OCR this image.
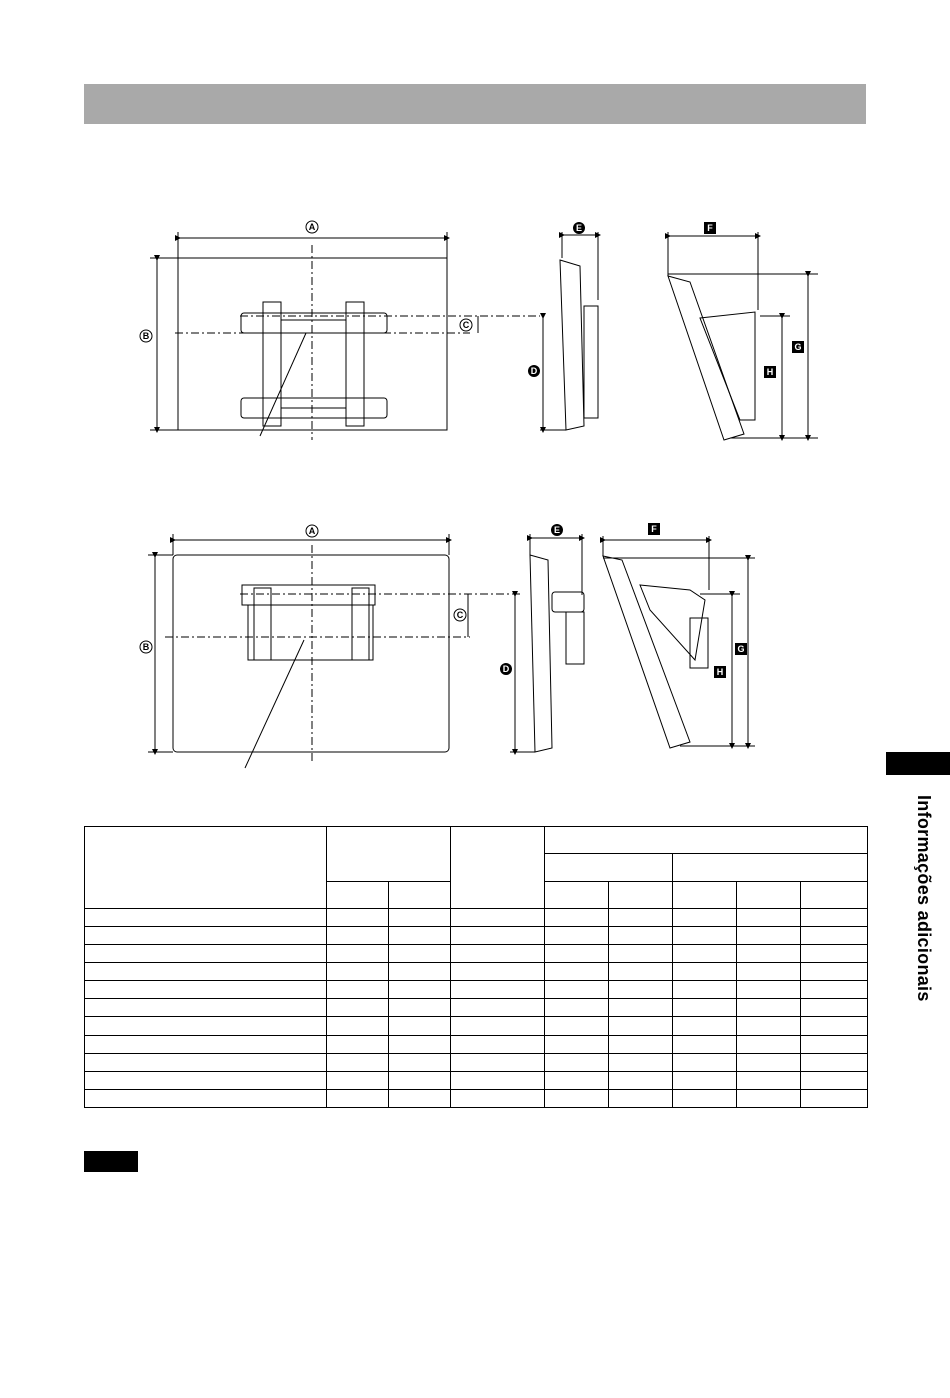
A
B
C
D
E	F
G
H
A
B
C
D
E	F
G
H

Informações adicionais
